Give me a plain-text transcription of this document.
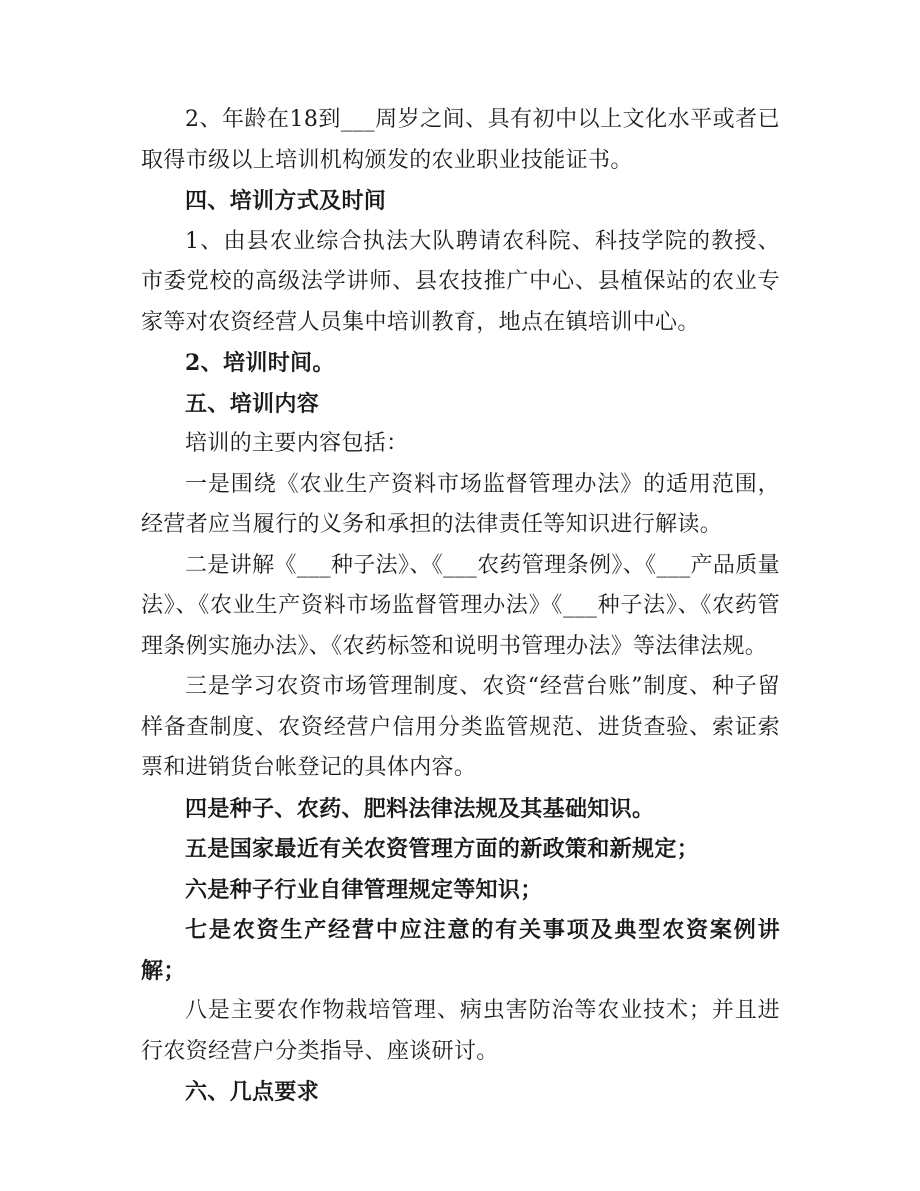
2、年龄在18到___周岁之间、具有初中以上文化水平或者已取得市级以上培训机构颁发的农业职业技能证书。

四、培训方式及时间

1、由县农业综合执法大队聘请农科院、科技学院的教授、市委党校的高级法学讲师、县农技推广中心、县植保站的农业专家等对农资经营人员集中培训教育，地点在镇培训中心。

2、培训时间。

五、培训内容

培训的主要内容包括：

一是围绕《农业生产资料市场监督管理办法》的适用范围，经营者应当履行的义务和承担的法律责任等知识进行解读。

二是讲解《___种子法》、《___农药管理条例》、《___产品质量法》、《农业生产资料市场监督管理办法》《___种子法》、《农药管理条例实施办法》、《农药标签和说明书管理办法》等法律法规。

三是学习农资市场管理制度、农资“经营台账”制度、种子留样备查制度、农资经营户信用分类监管规范、进货查验、索证索票和进销货台帐登记的具体内容。

四是种子、农药、肥料法律法规及其基础知识。

五是国家最近有关农资管理方面的新政策和新规定；

六是种子行业自律管理规定等知识；

七是农资生产经营中应注意的有关事项及典型农资案例讲解；

八是主要农作物栽培管理、病虫害防治等农业技术；并且进行农资经营户分类指导、座谈研讨。

六、几点要求
